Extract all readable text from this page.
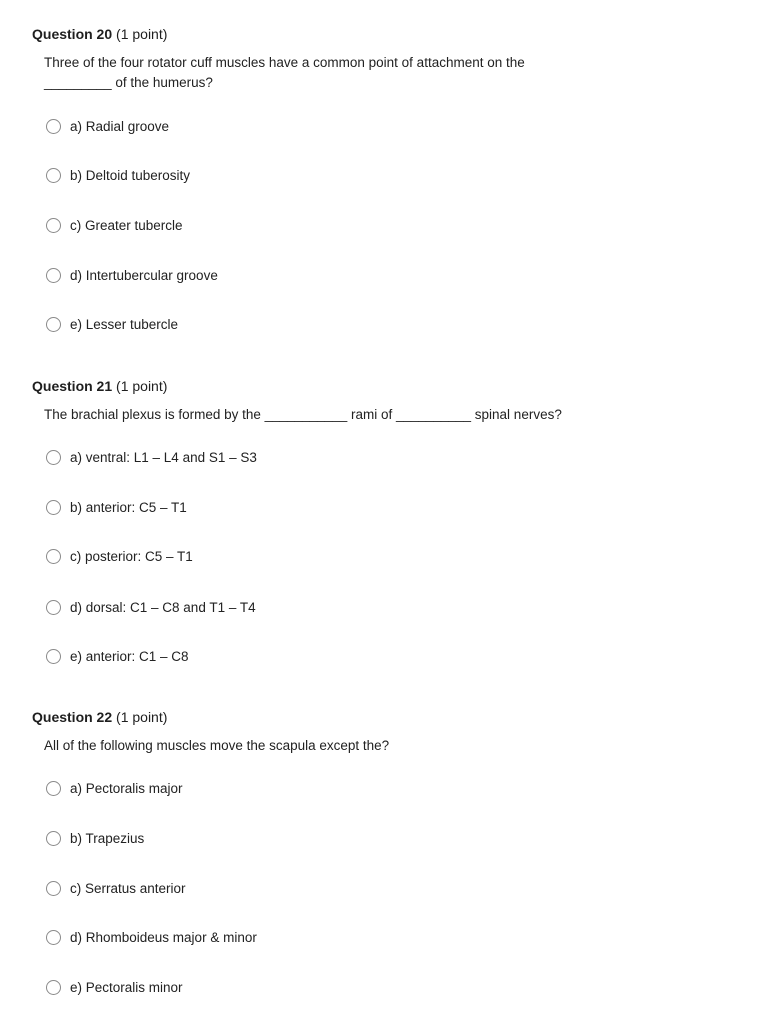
Question 20 (1 point)
Three of the four rotator cuff muscles have a common point of attachment on the
_________ of the humerus?
a) Radial groove
b) Deltoid tuberosity
c) Greater tubercle
d) Intertubercular groove
e) Lesser tubercle
Question 21 (1 point)
The brachial plexus is formed by the ___________ rami of __________ spinal nerves?
a) ventral: L1 – L4 and S1 – S3
b) anterior: C5 – T1
c) posterior: C5 – T1
d) dorsal: C1 – C8 and T1 – T4
e) anterior: C1 – C8
Question 22 (1 point)
All of the following muscles move the scapula except the?
a) Pectoralis major
b) Trapezius
c) Serratus anterior
d) Rhomboideus major & minor
e) Pectoralis minor
